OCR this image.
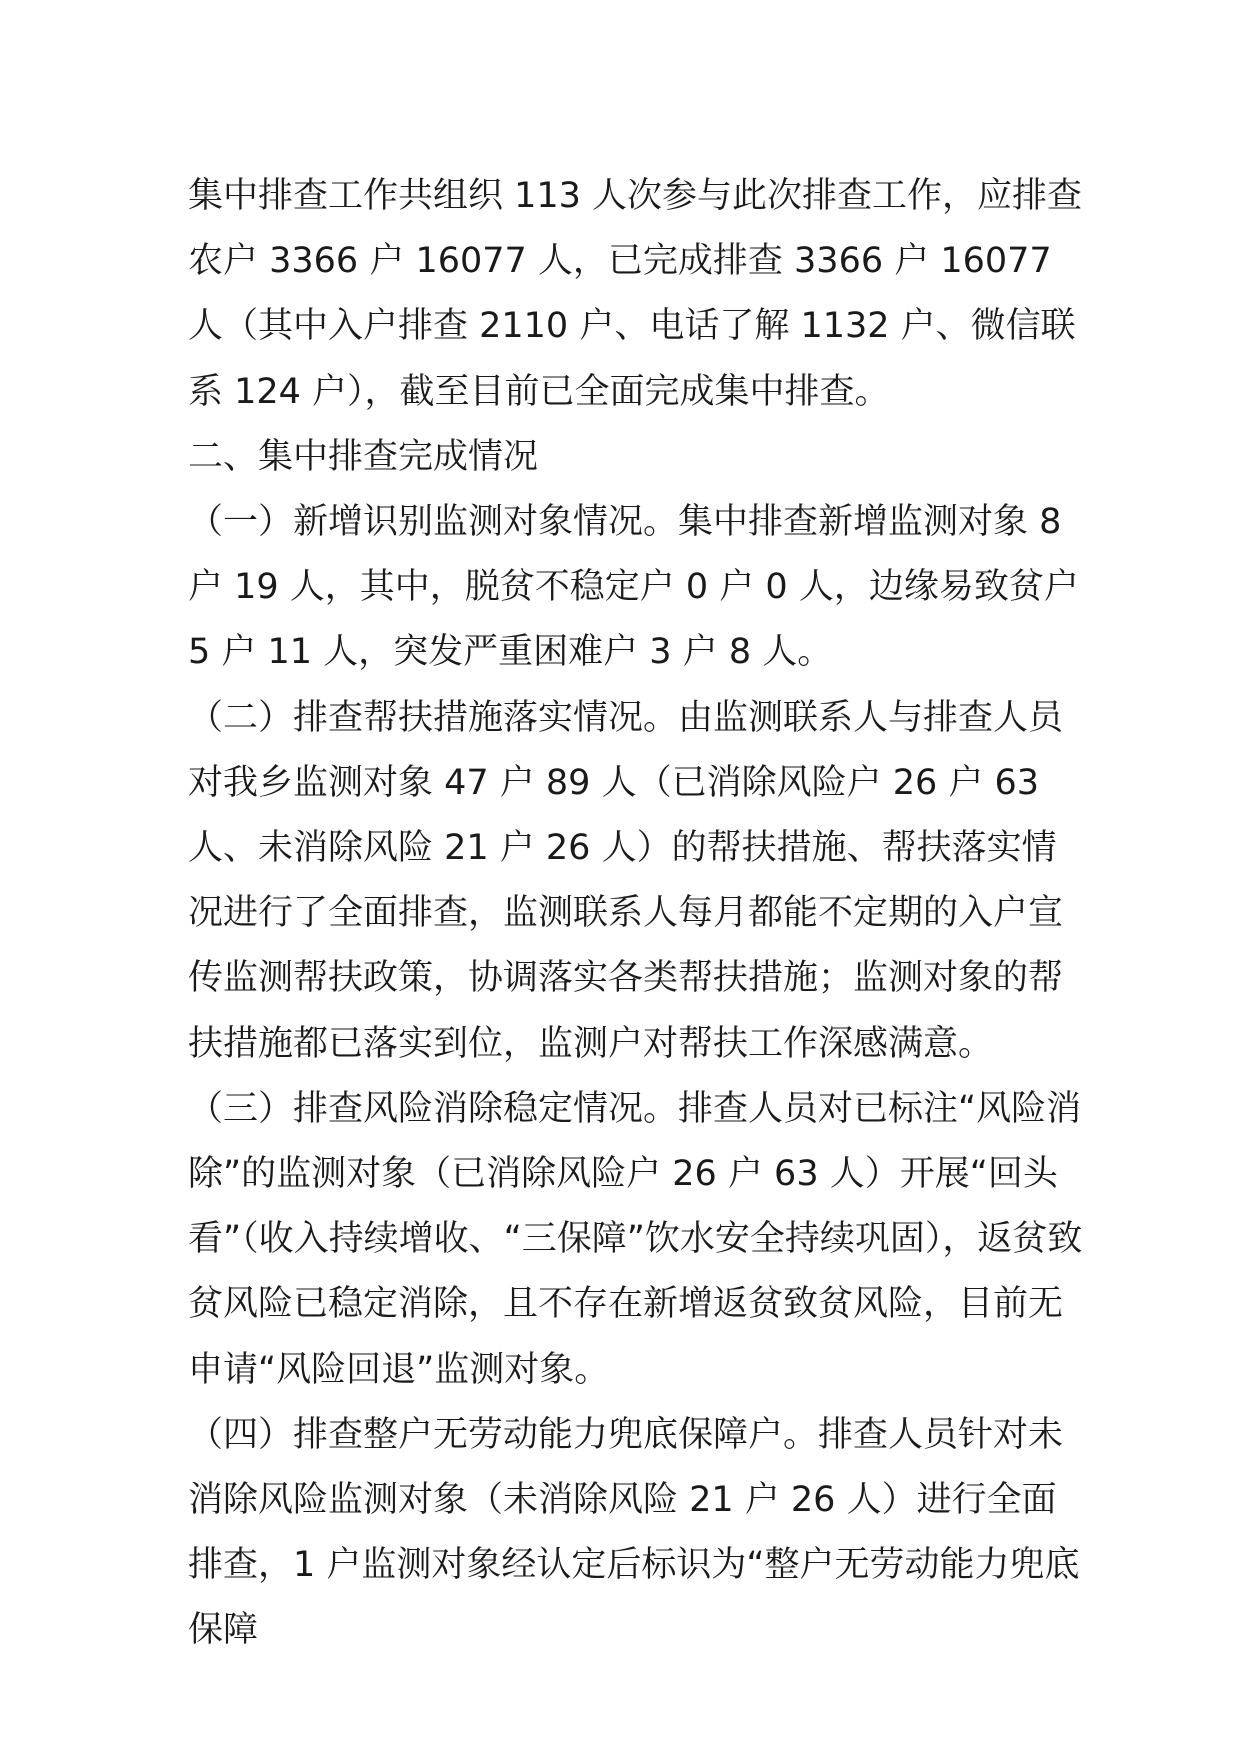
集中排查工作共组织 113 人次参与此次排查工作，应排查农户 3366 户 16077 人，已完成排查 3366 户 16077 人（其中入户排查 2110 户、电话了解 1132 户、微信联系 124 户），截至目前已全面完成集中排查。

二、集中排查完成情况

（一）新增识别监测对象情况。集中排查新增监测对象 8 户 19 人，其中，脱贫不稳定户 0 户 0 人，边缘易致贫户 5 户 11 人，突发严重困难户 3 户 8 人。

（二）排查帮扶措施落实情况。由监测联系人与排查人员对我乡监测对象 47 户 89 人（已消除风险户 26 户 63 人、未消除风险 21 户 26 人）的帮扶措施、帮扶落实情况进行了全面排查，监测联系人每月都能不定期的入户宣传监测帮扶政策，协调落实各类帮扶措施；监测对象的帮扶措施都已落实到位，监测户对帮扶工作深感满意。

（三）排查风险消除稳定情况。排查人员对已标注“风险消除”的监测对象（已消除风险户 26 户 63 人）开展“回头看”（收入持续增收、“三保障”饮水安全持续巩固），返贫致贫风险已稳定消除，且不存在新增返贫致贫风险，目前无申请“风险回退”监测对象。

（四）排查整户无劳动能力兜底保障户。排查人员针对未消除风险监测对象（未消除风险 21 户 26 人）进行全面排查，1 户监测对象经认定后标识为“整户无劳动能力兜底保障
